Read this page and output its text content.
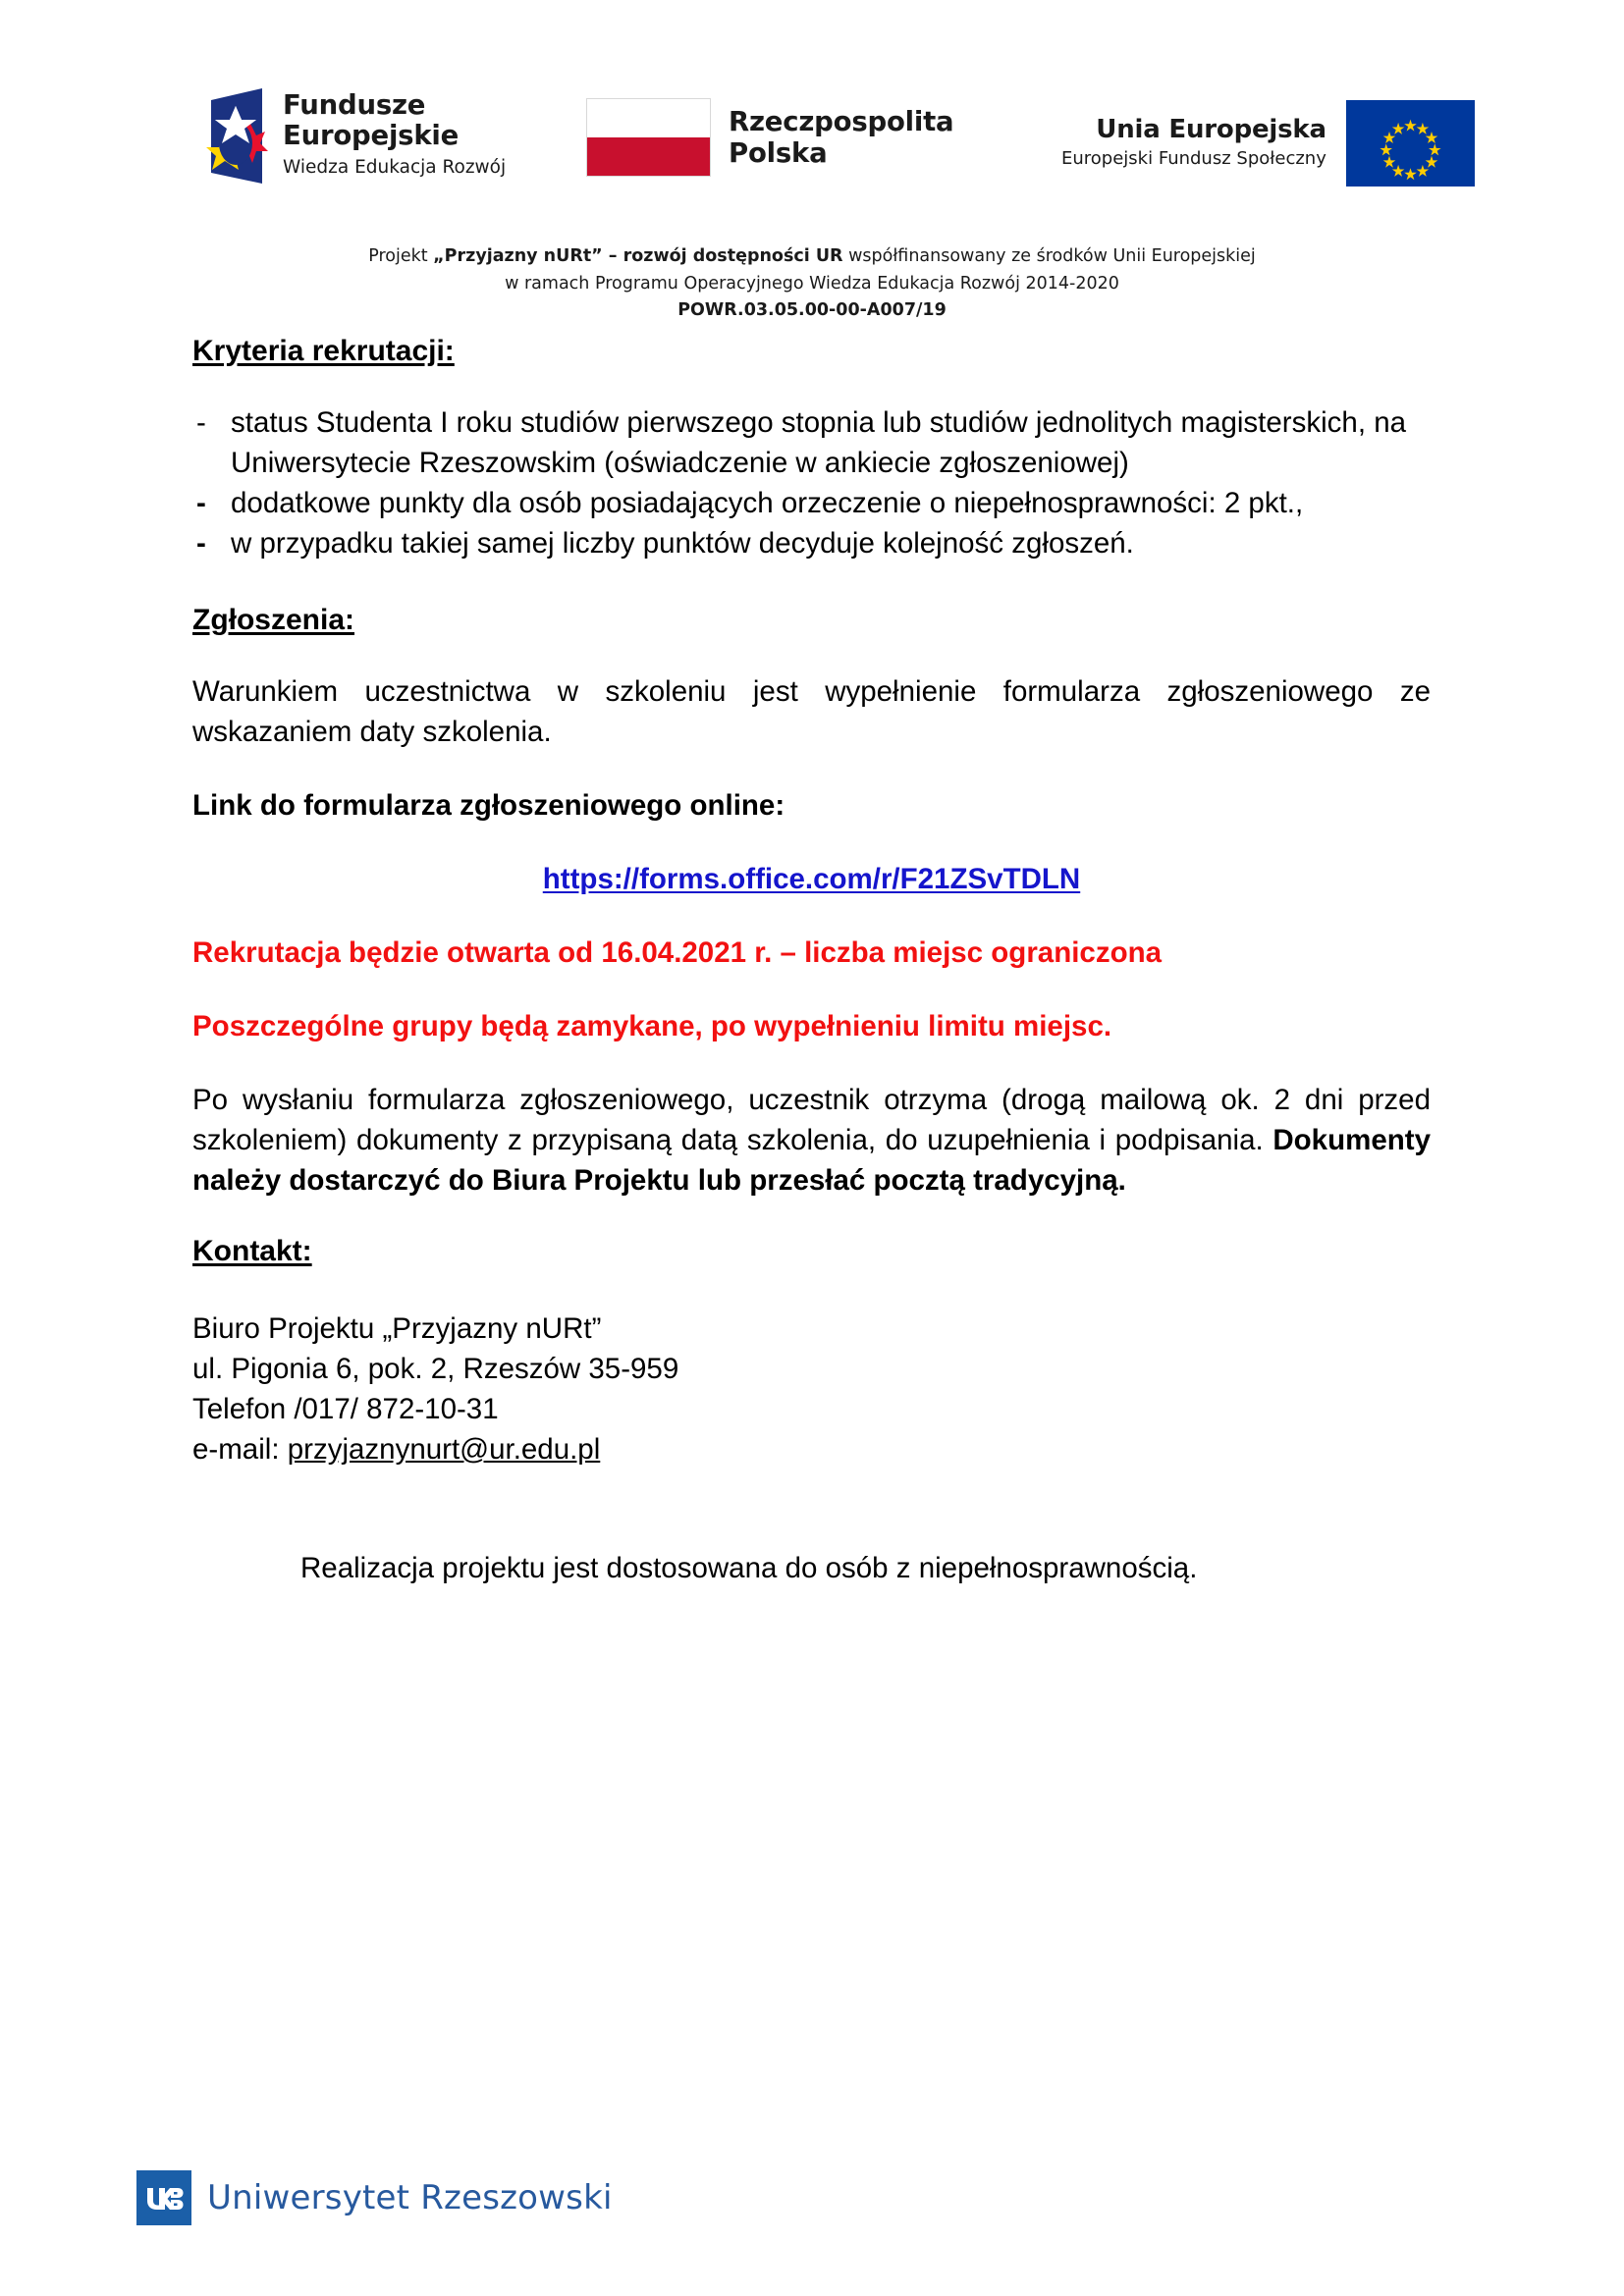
Fundusze
Europejskie
Wiedza Edukacja Rozwój
Rzeczpospolita
Polska
Unia Europejska
Europejski Fundusz Społeczny
Projekt „Przyjazny nURt” – rozwój dostępności UR współfinansowany ze środków Unii Europejskiej
w ramach Programu Operacyjnego Wiedza Edukacja Rozwój 2014-2020
POWR.03.05.00-00-A007/19
Kryteria rekrutacji:
- status Studenta I roku studiów pierwszego stopnia lub studiów jednolitych magisterskich, na Uniwersytecie Rzeszowskim (oświadczenie w ankiecie zgłoszeniowej)
- dodatkowe punkty dla osób posiadających orzeczenie o niepełnosprawności: 2 pkt.,
- w przypadku takiej samej liczby punktów decyduje kolejność zgłoszeń.
Zgłoszenia:

Warunkiem uczestnictwa w szkoleniu jest wypełnienie formularza zgłoszeniowego ze wskazaniem daty szkolenia.

Link do formularza zgłoszeniowego online:

https://forms.office.com/r/F21ZSvTDLN

Rekrutacja będzie otwarta od 16.04.2021 r. – liczba miejsc ograniczona

Poszczególne grupy będą zamykane, po wypełnieniu limitu miejsc.

Po wysłaniu formularza zgłoszeniowego, uczestnik otrzyma (drogą mailową ok. 2 dni przed szkoleniem) dokumenty z przypisaną datą szkolenia, do uzupełnienia i podpisania. Dokumenty należy dostarczyć do Biura Projektu lub przesłać pocztą tradycyjną.

Kontakt:

Biuro Projektu „Przyjazny nURt”

ul. Pigonia 6, pok. 2, Rzeszów 35-959

Telefon /017/ 872-10-31

e-mail: przyjaznynurt@ur.edu.pl

Realizacja projektu jest dostosowana do osób z niepełnosprawnością.

Uniwersytet Rzeszowski
